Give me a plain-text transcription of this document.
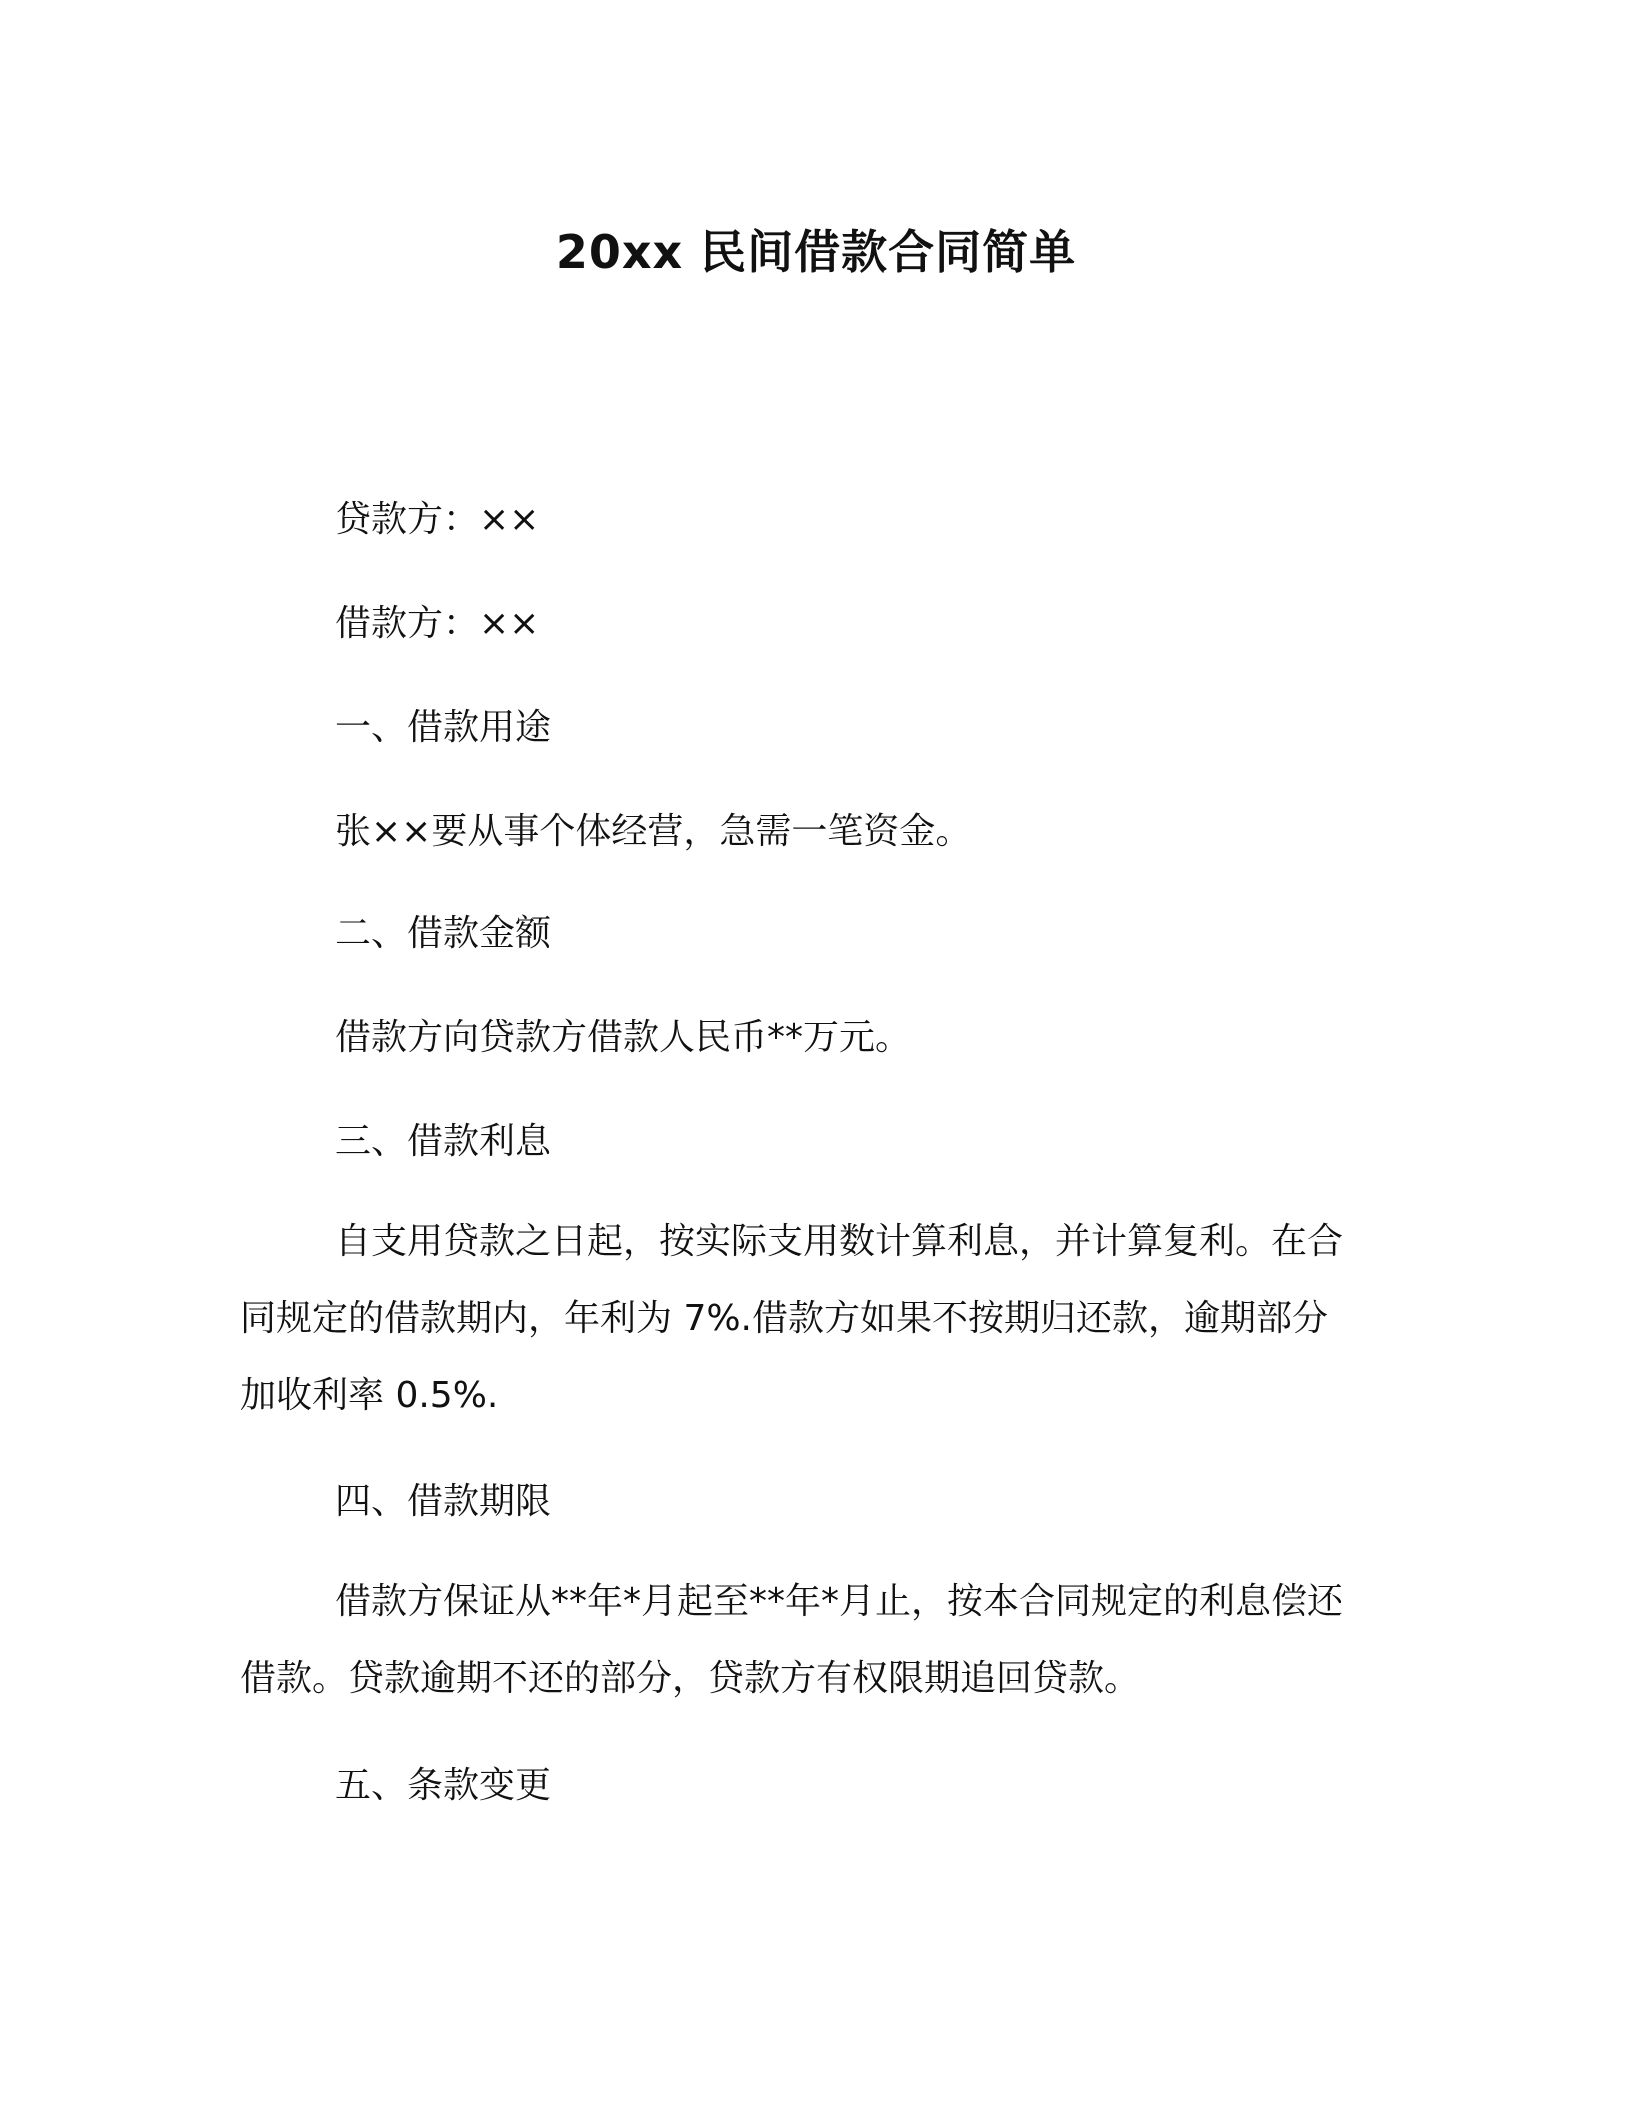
20xx 民间借款合同简单
贷款方：××
借款方：××
一、借款用途
张××要从事个体经营，急需一笔资金。
二、借款金额
借款方向贷款方借款人民币**万元。
三、借款利息
自支用贷款之日起，按实际支用数计算利息，并计算复利。在合
同规定的借款期内，年利为 7%.借款方如果不按期归还款，逾期部分
加收利率 0.5%.
四、借款期限
借款方保证从**年*月起至**年*月止，按本合同规定的利息偿还
借款。贷款逾期不还的部分，贷款方有权限期追回贷款。
五、条款变更
